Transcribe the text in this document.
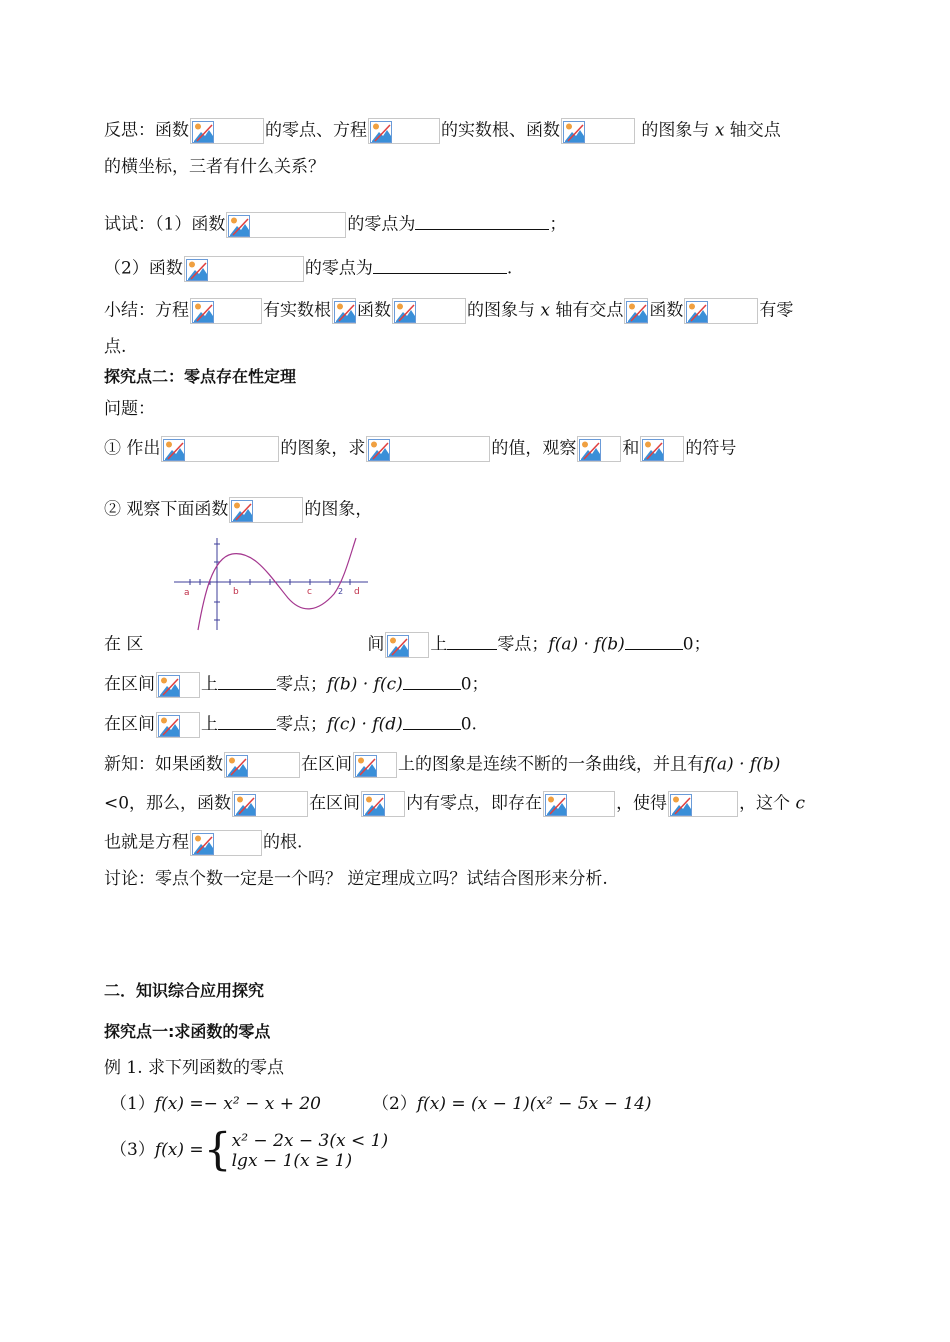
反思：函数	的零点、方程	的实数根、函数	的图象与 x 轴交点
的横坐标，三者有什么关系？
试试：（1）函数	的零点为	；
（2）函数	的零点为	.
小结：方程	有实数根 函数	的图象与 x 轴有交点 函数	有零
点.
探究点二：零点存在性定理
问题：
① 作出	的图象，求	的值，观察	和	的符号
② 观察下面函数	的图象，
a	b	c	2 d
在 区	间	上	零点；f(a) · f(b)	0；
在区间	上	零点；f(b) · f(c)	0；
在区间	上	零点；f(c) · f(d)	0.
新知：如果函数	在区间	上的图象是连续不断的一条曲线，并且有f(a) · f(b)
<0，那么，函数	在区间	内有零点，即存在	，使得	，这个 c
也就是方程	的根.
讨论：零点个数一定是一个吗？ 逆定理成立吗？试结合图形来分析.
二．知识综合应用探究
探究点一:求函数的零点
例 1. 求下列函数的零点
（1）f(x) =− x² − x + 20	（2）f(x) = (x − 1)(x² − 5x − 14)
（3）f(x) ={ x² − 2x − 3(x < 1)
lgx − 1(x ≥ 1)
